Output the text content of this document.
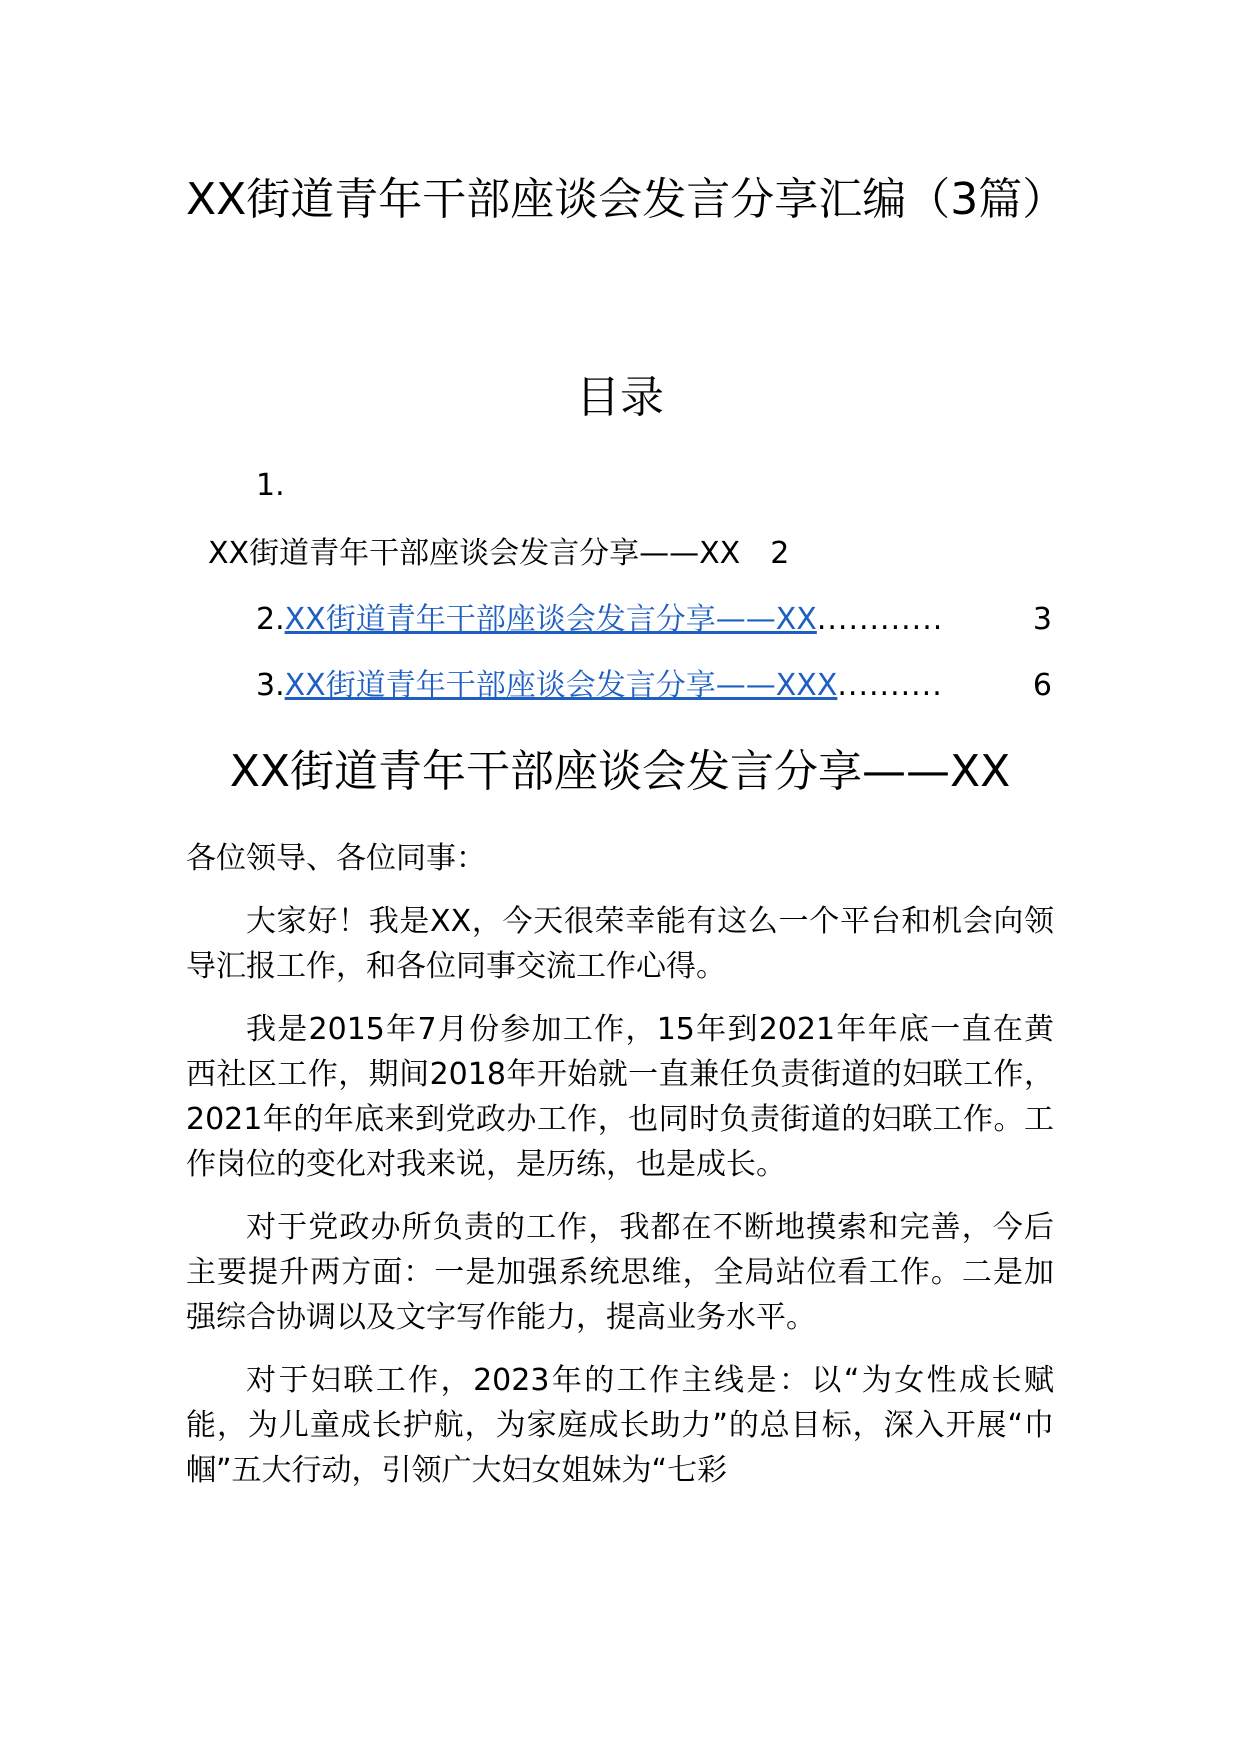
XX街道青年干部座谈会发言分享汇编（3篇）
目录
1.
XX街道青年干部座谈会发言分享——XX 2
2. XX街道青年干部座谈会发言分享——XX ............	3
3. XX街道青年干部座谈会发言分享——XXX ..........	6
XX街道青年干部座谈会发言分享——XX

各位领导、各位同事：

大家好！我是XX，今天很荣幸能有这么一个平台和机会向领导汇报工作，和各位同事交流工作心得。

我是2015年7月份参加工作，15年到2021年年底一直在黄西社区工作，期间2018年开始就一直兼任负责街道的妇联工作，2021年的年底来到党政办工作，也同时负责街道的妇联工作。工作岗位的变化对我来说，是历练，也是成长。

对于党政办所负责的工作，我都在不断地摸索和完善，今后主要提升两方面：一是加强系统思维，全局站位看工作。二是加强综合协调以及文字写作能力，提高业务水平。

对于妇联工作，2023年的工作主线是：以“为女性成长赋能，为儿童成长护航，为家庭成长助力”的总目标，深入开展“巾帼”五大行动，引领广大妇女姐妹为“七彩
